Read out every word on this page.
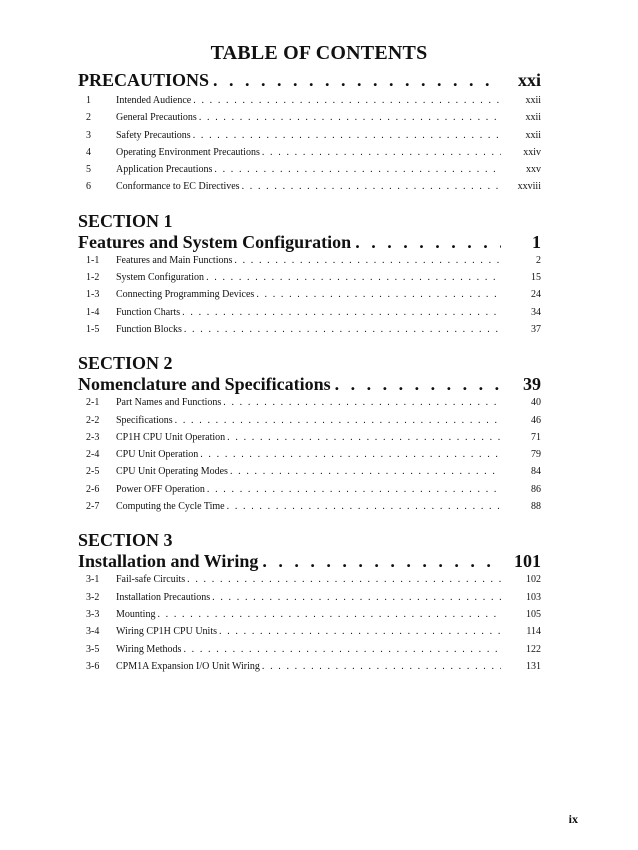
TABLE OF CONTENTS
PRECAUTIONS . . .	xxi
1	Intended Audience . . .	xxii
2	General Precautions . . .	xxii
3	Safety Precautions . . .	xxii
4	Operating Environment Precautions . . .	xxiv
5	Application Precautions . . .	xxv
6	Conformance to EC Directives . . .	xxviii
SECTION 1
Features and System Configuration . . .	1
1-1	Features and Main Functions . . .	2
1-2	System Configuration . . .	15
1-3	Connecting Programming Devices . . .	24
1-4	Function Charts . . .	34
1-5	Function Blocks . . .	37
SECTION 2
Nomenclature and Specifications . . .	39
2-1	Part Names and Functions . . .	40
2-2	Specifications . . .	46
2-3	CP1H CPU Unit Operation . . .	71
2-4	CPU Unit Operation . . .	79
2-5	CPU Unit Operating Modes . . .	84
2-6	Power OFF Operation . . .	86
2-7	Computing the Cycle Time . . .	88
SECTION 3
Installation and Wiring . . .	101
3-1	Fail-safe Circuits . . .	102
3-2	Installation Precautions . . .	103
3-3	Mounting . . .	105
3-4	Wiring CP1H CPU Units . . .	114
3-5	Wiring Methods . . .	122
3-6	CPM1A Expansion I/O Unit Wiring . . .	131
ix
